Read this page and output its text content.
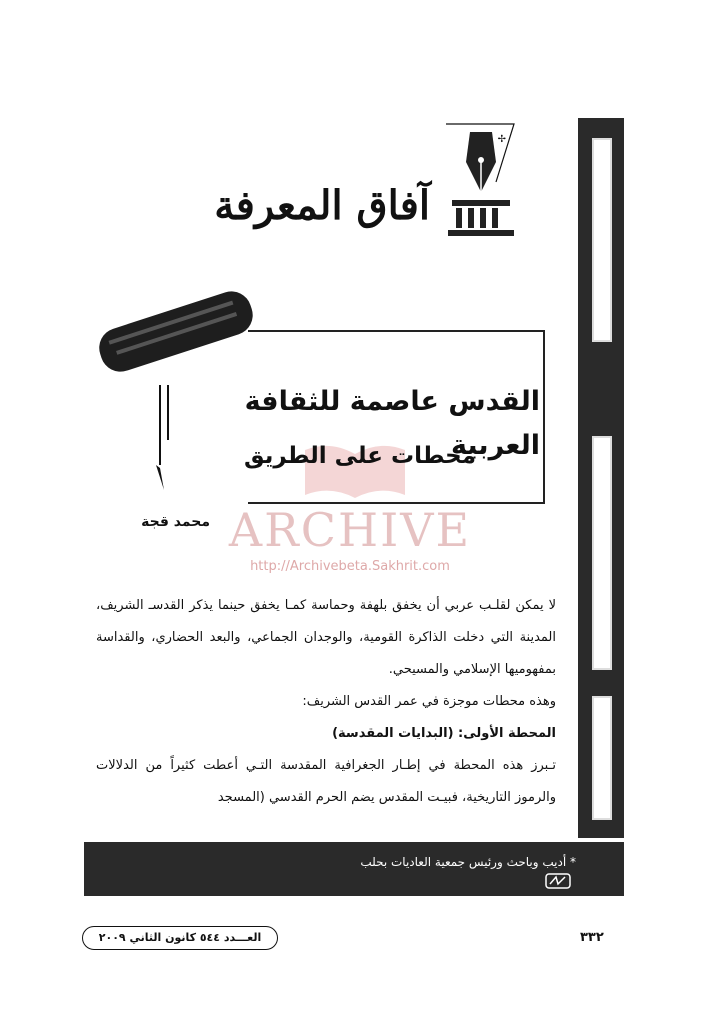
✢
آفاق المعرفة
القدس عاصمة للثقافة العربية
محطات على الطريق
محمد قجة ARCHIVE
http://Archivebeta.Sakhrit.com

لا يمكن لقلـب عربي أن يخفق بلهفة وحماسة كمـا يخفق حينما يذكر القدسـ الشريف، المدينة التي دخلت الذاكرة القومية، والوجدان الجماعي، والبعد الحضاري، والقداسة بمفهوميها الإسلامي والمسيحي.

وهذه محطات موجزة في عمر القدس الشريف:

المحطة الأولى: (البدايات المقدسة)

تـبرز هذه المحطة في إطـار الجغرافية المقدسة التـي أعطت كثيراً من الدلالات والرموز التاريخية، فبيـت المقدس يضم الحرم القدسي (المسجد

* أديب وباحث ورئيس جمعية العاديات بحلب
العـــدد ٥٤٤ كانون الثاني ٢٠٠٩	٣٣٢
